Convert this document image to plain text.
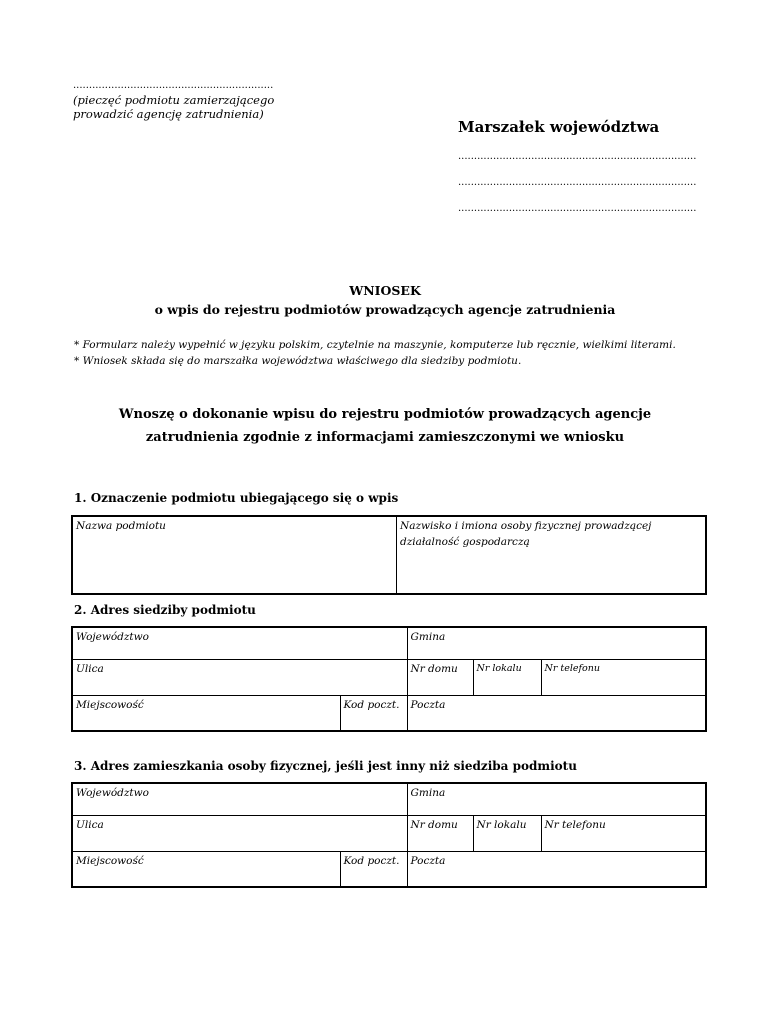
...............................................................
(pieczęć podmiotu zamierzającego
prowadzić agencję zatrudnienia)
Marszałek województwa
...........................................................................
...........................................................................
...........................................................................
WNIOSEK
o wpis do rejestru podmiotów prowadzących agencje zatrudnienia
* Formularz należy wypełnić w języku polskim, czytelnie na maszynie, komputerze lub ręcznie, wielkimi literami.
* Wniosek składa się do marszałka województwa właściwego dla siedziby podmiotu.
Wnoszę o dokonanie wpisu do rejestru podmiotów prowadzących agencje
zatrudnienia zgodnie z informacjami zamieszczonymi we wniosku
1. Oznaczenie podmiotu ubiegającego się o wpis
Nazwa podmiotu	Nazwisko i imiona osoby fizycznej prowadzącej działalność gospodarczą
2. Adres siedziby podmiotu
Województwo		Gmina		
Ulica		Nr domu	Nr lokalu	Nr telefonu
Miejscowość	Kod poczt.	Poczta		
3. Adres zamieszkania osoby fizycznej, jeśli jest inny niż siedziba podmiotu
Województwo		Gmina		
Ulica		Nr domu	Nr lokalu	Nr telefonu
Miejscowość	Kod poczt.	Poczta		
